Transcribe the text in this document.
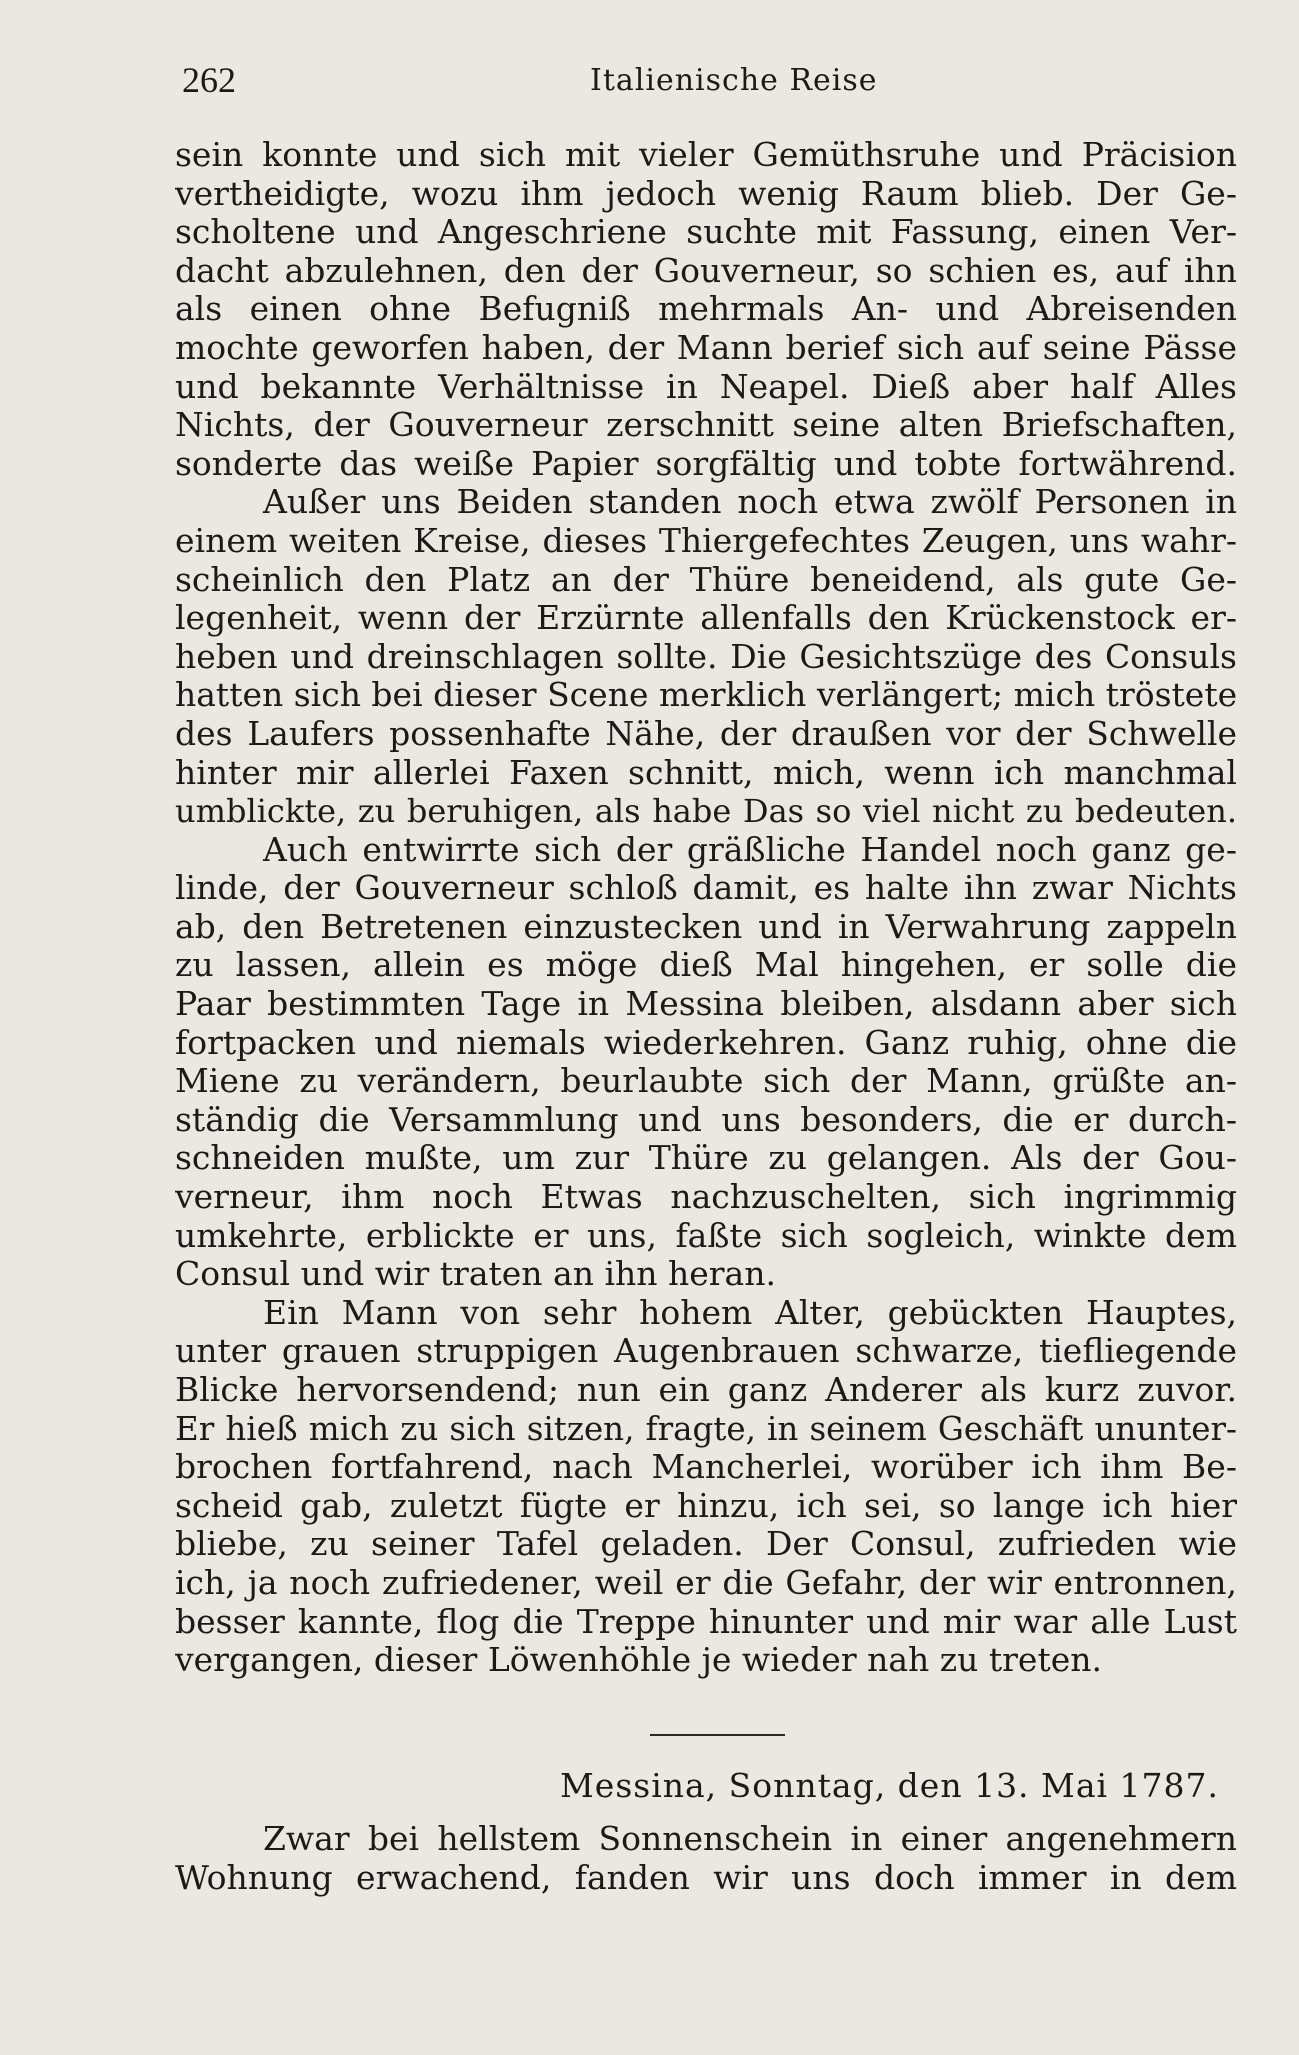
262	Italienische Reise
sein konnte und sich mit vieler Gemüthsruhe und Präcision
vertheidigte, wozu ihm jedoch wenig Raum blieb. Der Ge-
scholtene und Angeschriene suchte mit Fassung, einen Ver-
dacht abzulehnen, den der Gouverneur, so schien es, auf ihn
als einen ohne Befugniß mehrmals An- und Abreisenden
mochte geworfen haben, der Mann berief sich auf seine Pässe
und bekannte Verhältnisse in Neapel. Dieß aber half Alles
Nichts, der Gouverneur zerschnitt seine alten Briefschaften,
sonderte das weiße Papier sorgfältig und tobte fortwährend.
Außer uns Beiden standen noch etwa zwölf Personen in
einem weiten Kreise, dieses Thiergefechtes Zeugen, uns wahr-
scheinlich den Platz an der Thüre beneidend, als gute Ge-
legenheit, wenn der Erzürnte allenfalls den Krückenstock er-
heben und dreinschlagen sollte. Die Gesichtszüge des Consuls
hatten sich bei dieser Scene merklich verlängert; mich tröstete
des Laufers possenhafte Nähe, der draußen vor der Schwelle
hinter mir allerlei Faxen schnitt, mich, wenn ich manchmal
umblickte, zu beruhigen, als habe Das so viel nicht zu bedeuten.
Auch entwirrte sich der gräßliche Handel noch ganz ge-
linde, der Gouverneur schloß damit, es halte ihn zwar Nichts
ab, den Betretenen einzustecken und in Verwahrung zappeln
zu lassen, allein es möge dieß Mal hingehen, er solle die
Paar bestimmten Tage in Messina bleiben, alsdann aber sich
fortpacken und niemals wiederkehren. Ganz ruhig, ohne die
Miene zu verändern, beurlaubte sich der Mann, grüßte an-
ständig die Versammlung und uns besonders, die er durch-
schneiden mußte, um zur Thüre zu gelangen. Als der Gou-
verneur, ihm noch Etwas nachzuschelten, sich ingrimmig
umkehrte, erblickte er uns, faßte sich sogleich, winkte dem
Consul und wir traten an ihn heran.
Ein Mann von sehr hohem Alter, gebückten Hauptes,
unter grauen struppigen Augenbrauen schwarze, tiefliegende
Blicke hervorsendend; nun ein ganz Anderer als kurz zuvor.
Er hieß mich zu sich sitzen, fragte, in seinem Geschäft ununter-
brochen fortfahrend, nach Mancherlei, worüber ich ihm Be-
scheid gab, zuletzt fügte er hinzu, ich sei, so lange ich hier
bliebe, zu seiner Tafel geladen. Der Consul, zufrieden wie
ich, ja noch zufriedener, weil er die Gefahr, der wir entronnen,
besser kannte, flog die Treppe hinunter und mir war alle Lust
vergangen, dieser Löwenhöhle je wieder nah zu treten.
Messina, Sonntag, den 13. Mai 1787.
Zwar bei hellstem Sonnenschein in einer angenehmern
Wohnung erwachend, fanden wir uns doch immer in dem
